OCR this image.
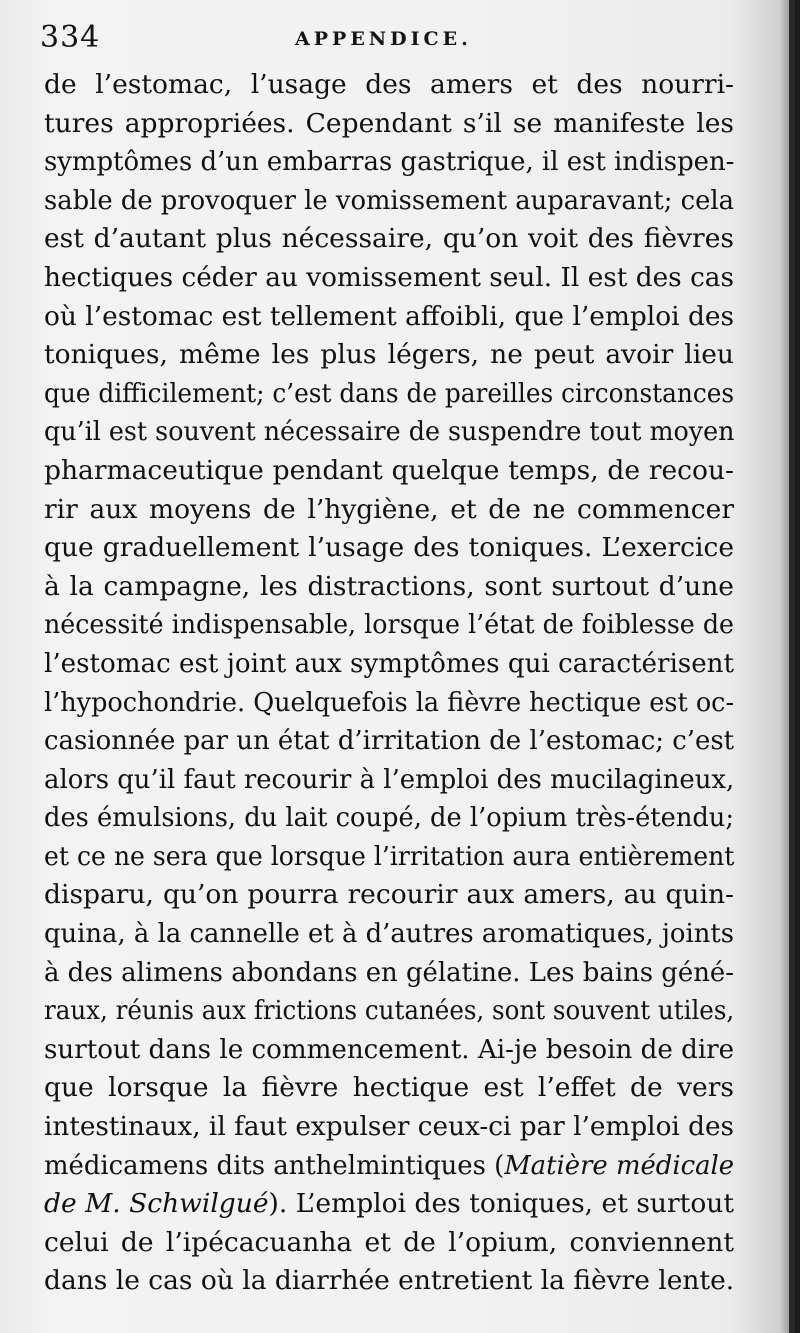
334	APPENDICE.
de l’estomac, l’usage des amers et des nourri-
tures appropriées. Cependant s’il se manifeste les
symptômes d’un embarras gastrique, il est indispen-
sable de provoquer le vomissement auparavant; cela
est d’autant plus nécessaire, qu’on voit des fièvres
hectiques céder au vomissement seul. Il est des cas
où l’estomac est tellement affoibli, que l’emploi des
toniques, même les plus légers, ne peut avoir lieu
que difficilement; c’est dans de pareilles circonstances
qu’il est souvent nécessaire de suspendre tout moyen
pharmaceutique pendant quelque temps, de recou-
rir aux moyens de l’hygiène, et de ne commencer
que graduellement l’usage des toniques. L’exercice
à la campagne, les distractions, sont surtout d’une
nécessité indispensable, lorsque l’état de foiblesse de
l’estomac est joint aux symptômes qui caractérisent
l’hypochondrie. Quelquefois la fièvre hectique est oc-
casionnée par un état d’irritation de l’estomac; c’est
alors qu’il faut recourir à l’emploi des mucilagineux,
des émulsions, du lait coupé, de l’opium très-étendu;
et ce ne sera que lorsque l’irritation aura entièrement
disparu, qu’on pourra recourir aux amers, au quin-
quina, à la cannelle et à d’autres aromatiques, joints
à des alimens abondans en gélatine. Les bains géné-
raux, réunis aux frictions cutanées, sont souvent utiles,
surtout dans le commencement. Ai-je besoin de dire
que lorsque la fièvre hectique est l’effet de vers
intestinaux, il faut expulser ceux-ci par l’emploi des
médicamens dits anthelmintiques (Matière médicale
de M. Schwilgué). L’emploi des toniques, et surtout
celui de l’ipécacuanha et de l’opium, conviennent
dans le cas où la diarrhée entretient la fièvre lente.
